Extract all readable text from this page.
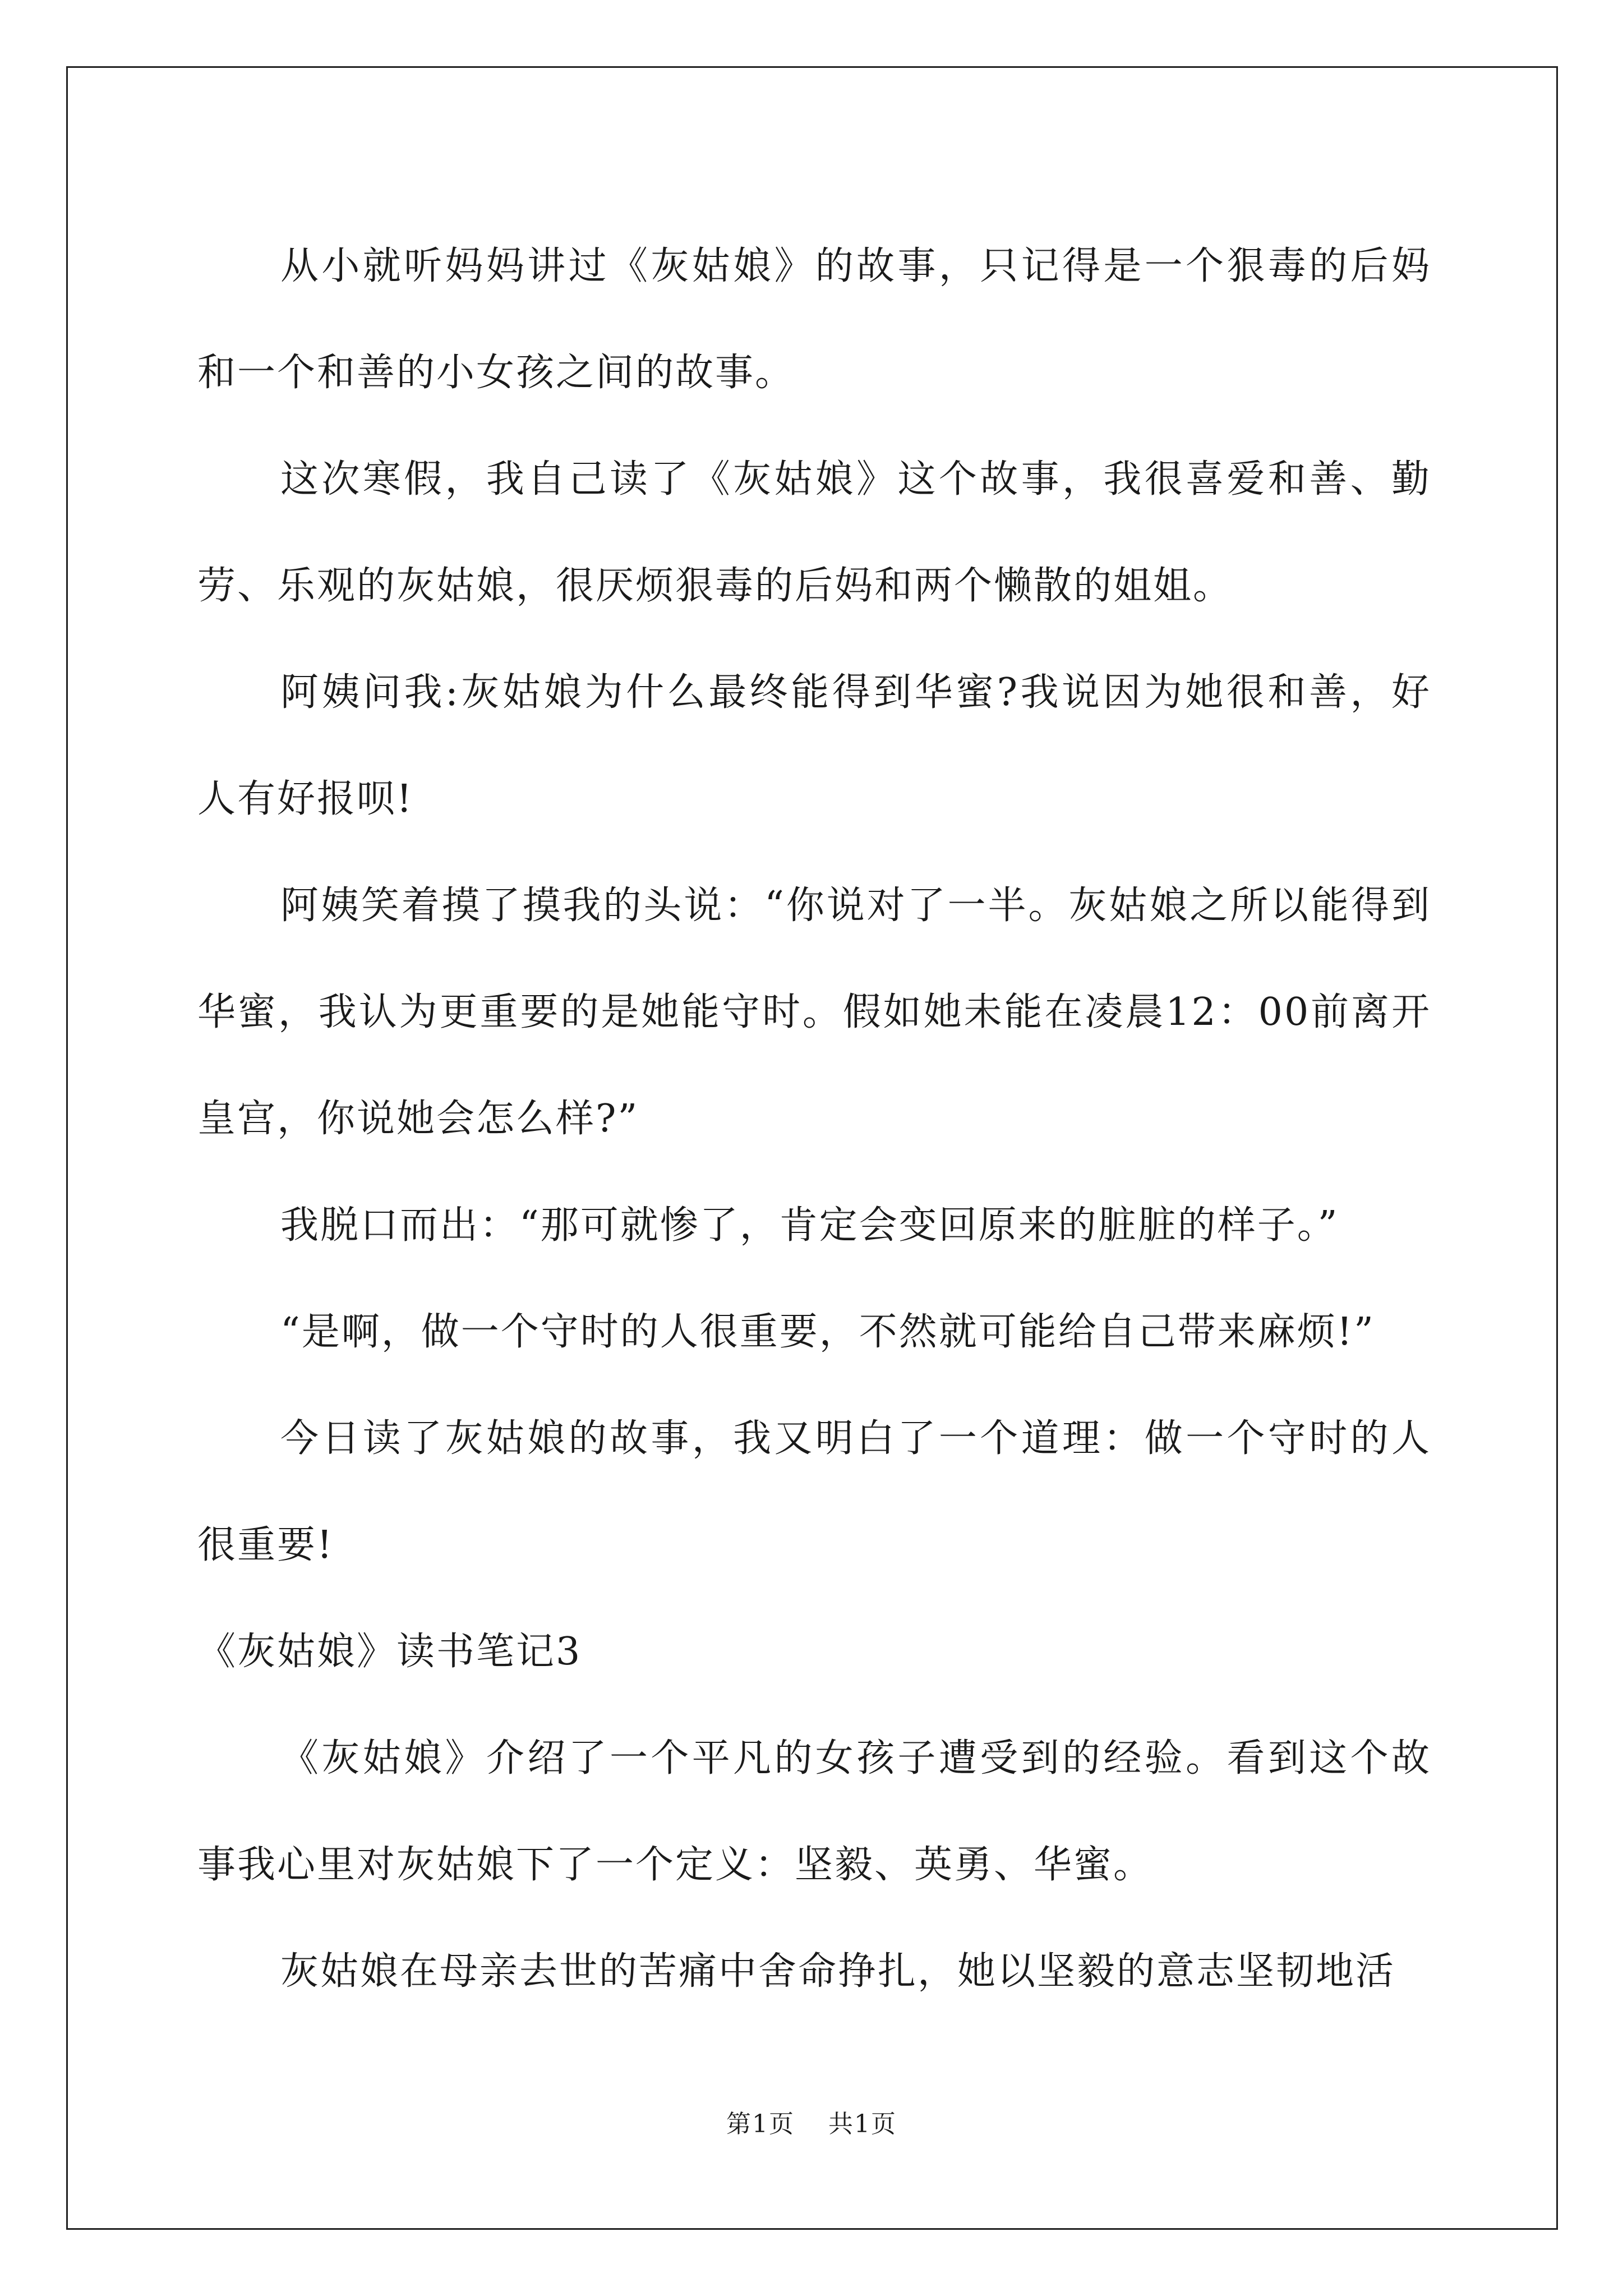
从小就听妈妈讲过《灰姑娘》的故事，只记得是一个狠毒的后妈和一个和善的小女孩之间的故事。

这次寒假，我自己读了《灰姑娘》这个故事，我很喜爱和善、勤劳、乐观的灰姑娘，很厌烦狠毒的后妈和两个懒散的姐姐。

阿姨问我:灰姑娘为什么最终能得到华蜜?我说因为她很和善，好人有好报呗!

阿姨笑着摸了摸我的头说：“你说对了一半。灰姑娘之所以能得到华蜜，我认为更重要的是她能守时。假如她未能在凌晨12：00前离开皇宫，你说她会怎么样?”

我脱口而出：“那可就惨了，肯定会变回原来的脏脏的样子。”

“是啊，做一个守时的人很重要，不然就可能给自己带来麻烦!”

今日读了灰姑娘的故事，我又明白了一个道理：做一个守时的人很重要!

《灰姑娘》读书笔记3

《灰姑娘》介绍了一个平凡的女孩子遭受到的经验。看到这个故事我心里对灰姑娘下了一个定义：坚毅、英勇、华蜜。

灰姑娘在母亲去世的苦痛中舍命挣扎，她以坚毅的意志坚韧地活

第1页 共1页
